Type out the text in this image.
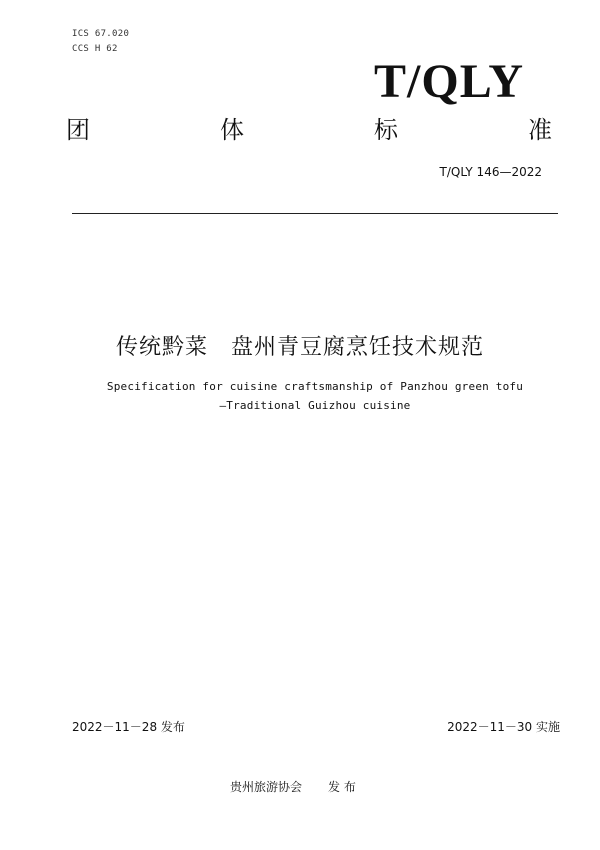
ICS 67.020
CCS H 62
T/QLY
团	体	标	准
T/QLY 146—2022
传统黔菜　盘州青豆腐烹饪技术规范
Specification for cuisine craftsmanship of Panzhou green tofu
—Traditional Guizhou cuisine
2022－11－28 发布	2022－11－30 实施
贵州旅游协会 发 布
